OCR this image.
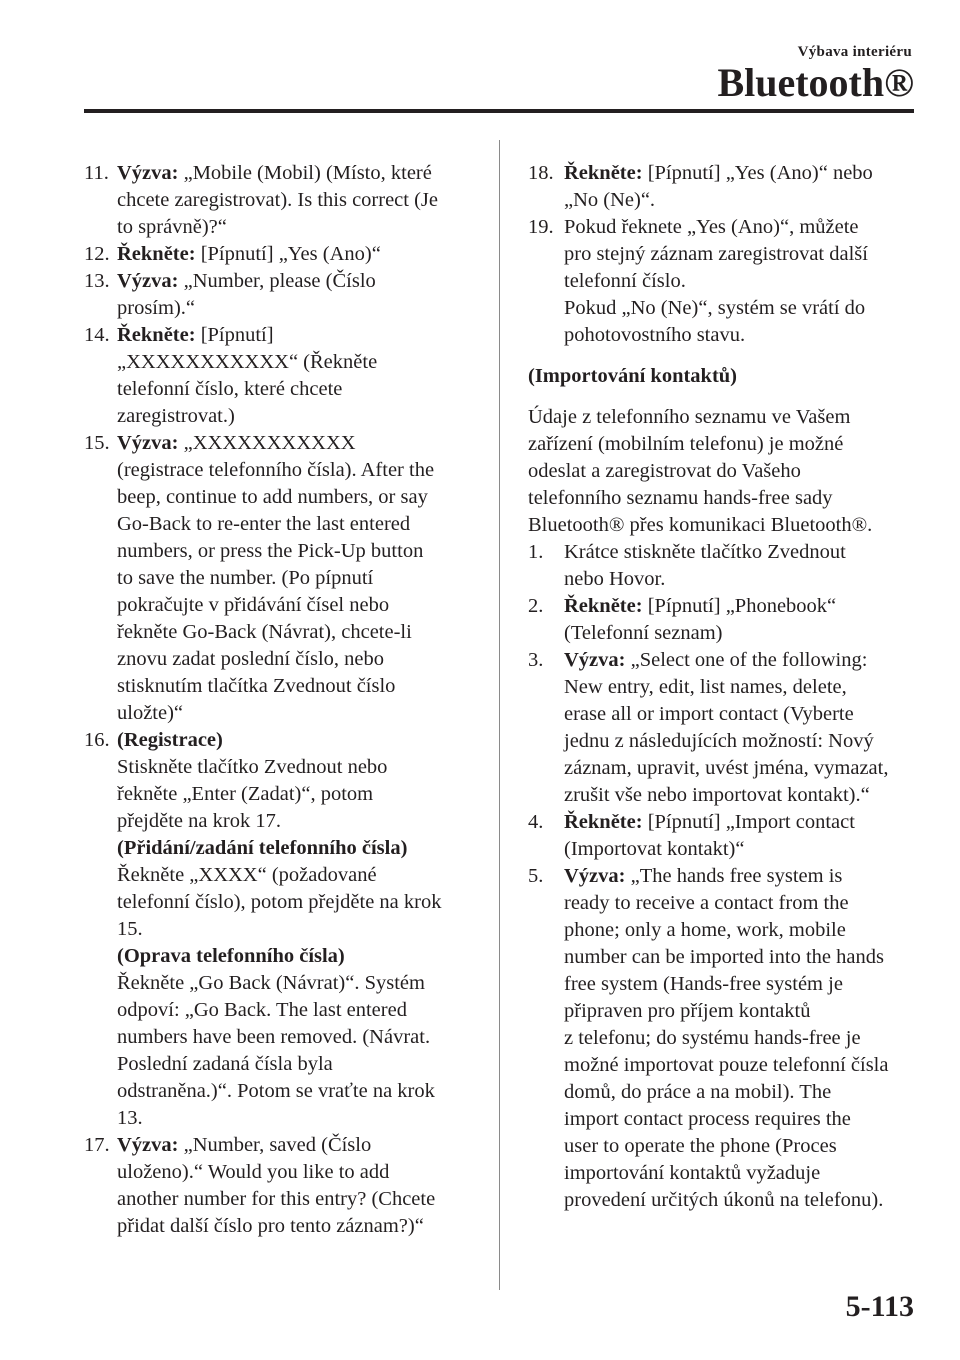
Výbava interiéru
Bluetooth®
11. Výzva: „Mobile (Mobil) (Místo, které
chcete zaregistrovat). Is this correct (Je
to správně)?“
12. Řekněte: [Pípnutí] „Yes (Ano)“
13. Výzva: „Number, please (Číslo
prosím).“
14. Řekněte: [Pípnutí]
„XXXXXXXXXXX“ (Řekněte
telefonní číslo, které chcete
zaregistrovat.)
15. Výzva: „XXXXXXXXXXX
(registrace telefonního čísla). After the
beep, continue to add numbers, or say
Go-Back to re-enter the last entered
numbers, or press the Pick-Up button
to save the number. (Po pípnutí
pokračujte v přidávání čísel nebo
řekněte Go-Back (Návrat), chcete-li
znovu zadat poslední číslo, nebo
stisknutím tlačítka Zvednout číslo
uložte)“
16. (Registrace)
Stiskněte tlačítko Zvednout nebo
řekněte „Enter (Zadat)“, potom
přejděte na krok 17.
(Přidání/zadání telefonního čísla)
Řekněte „XXXX“ (požadované
telefonní číslo), potom přejděte na krok
15.
(Oprava telefonního čísla)
Řekněte „Go Back (Návrat)“. Systém
odpoví: „Go Back. The last entered
numbers have been removed. (Návrat.
Poslední zadaná čísla byla
odstraněna.)“. Potom se vraťte na krok
13.
17. Výzva: „Number, saved (Číslo
uloženo).“ Would you like to add
another number for this entry? (Chcete
přidat další číslo pro tento záznam?)“
18. Řekněte: [Pípnutí] „Yes (Ano)“ nebo
„No (Ne)“.
19. Pokud řeknete „Yes (Ano)“, můžete
pro stejný záznam zaregistrovat další
telefonní číslo.
Pokud „No (Ne)“, systém se vrátí do
pohotovostního stavu.
(Importování kontaktů)
Údaje z telefonního seznamu ve Vašem
zařízení (mobilním telefonu) je možné
odeslat a zaregistrovat do Vašeho
telefonního seznamu hands-free sady
Bluetooth® přes komunikaci Bluetooth®.
1.	Krátce stiskněte tlačítko Zvednout
nebo Hovor.
2.	Řekněte: [Pípnutí] „Phonebook“
(Telefonní seznam)
3.	Výzva: „Select one of the following:
New entry, edit, list names, delete,
erase all or import contact (Vyberte
jednu z následujících možností: Nový
záznam, upravit, uvést jména, vymazat,
zrušit vše nebo importovat kontakt).“
4.	Řekněte: [Pípnutí] „Import contact
(Importovat kontakt)“
5.	Výzva: „The hands free system is
ready to receive a contact from the
phone; only a home, work, mobile
number can be imported into the hands
free system (Hands-free systém je
připraven pro příjem kontaktů
z telefonu; do systému hands-free je
možné importovat pouze telefonní čísla
domů, do práce a na mobil). The
import contact process requires the
user to operate the phone (Proces
importování kontaktů vyžaduje
provedení určitých úkonů na telefonu).
5-113
